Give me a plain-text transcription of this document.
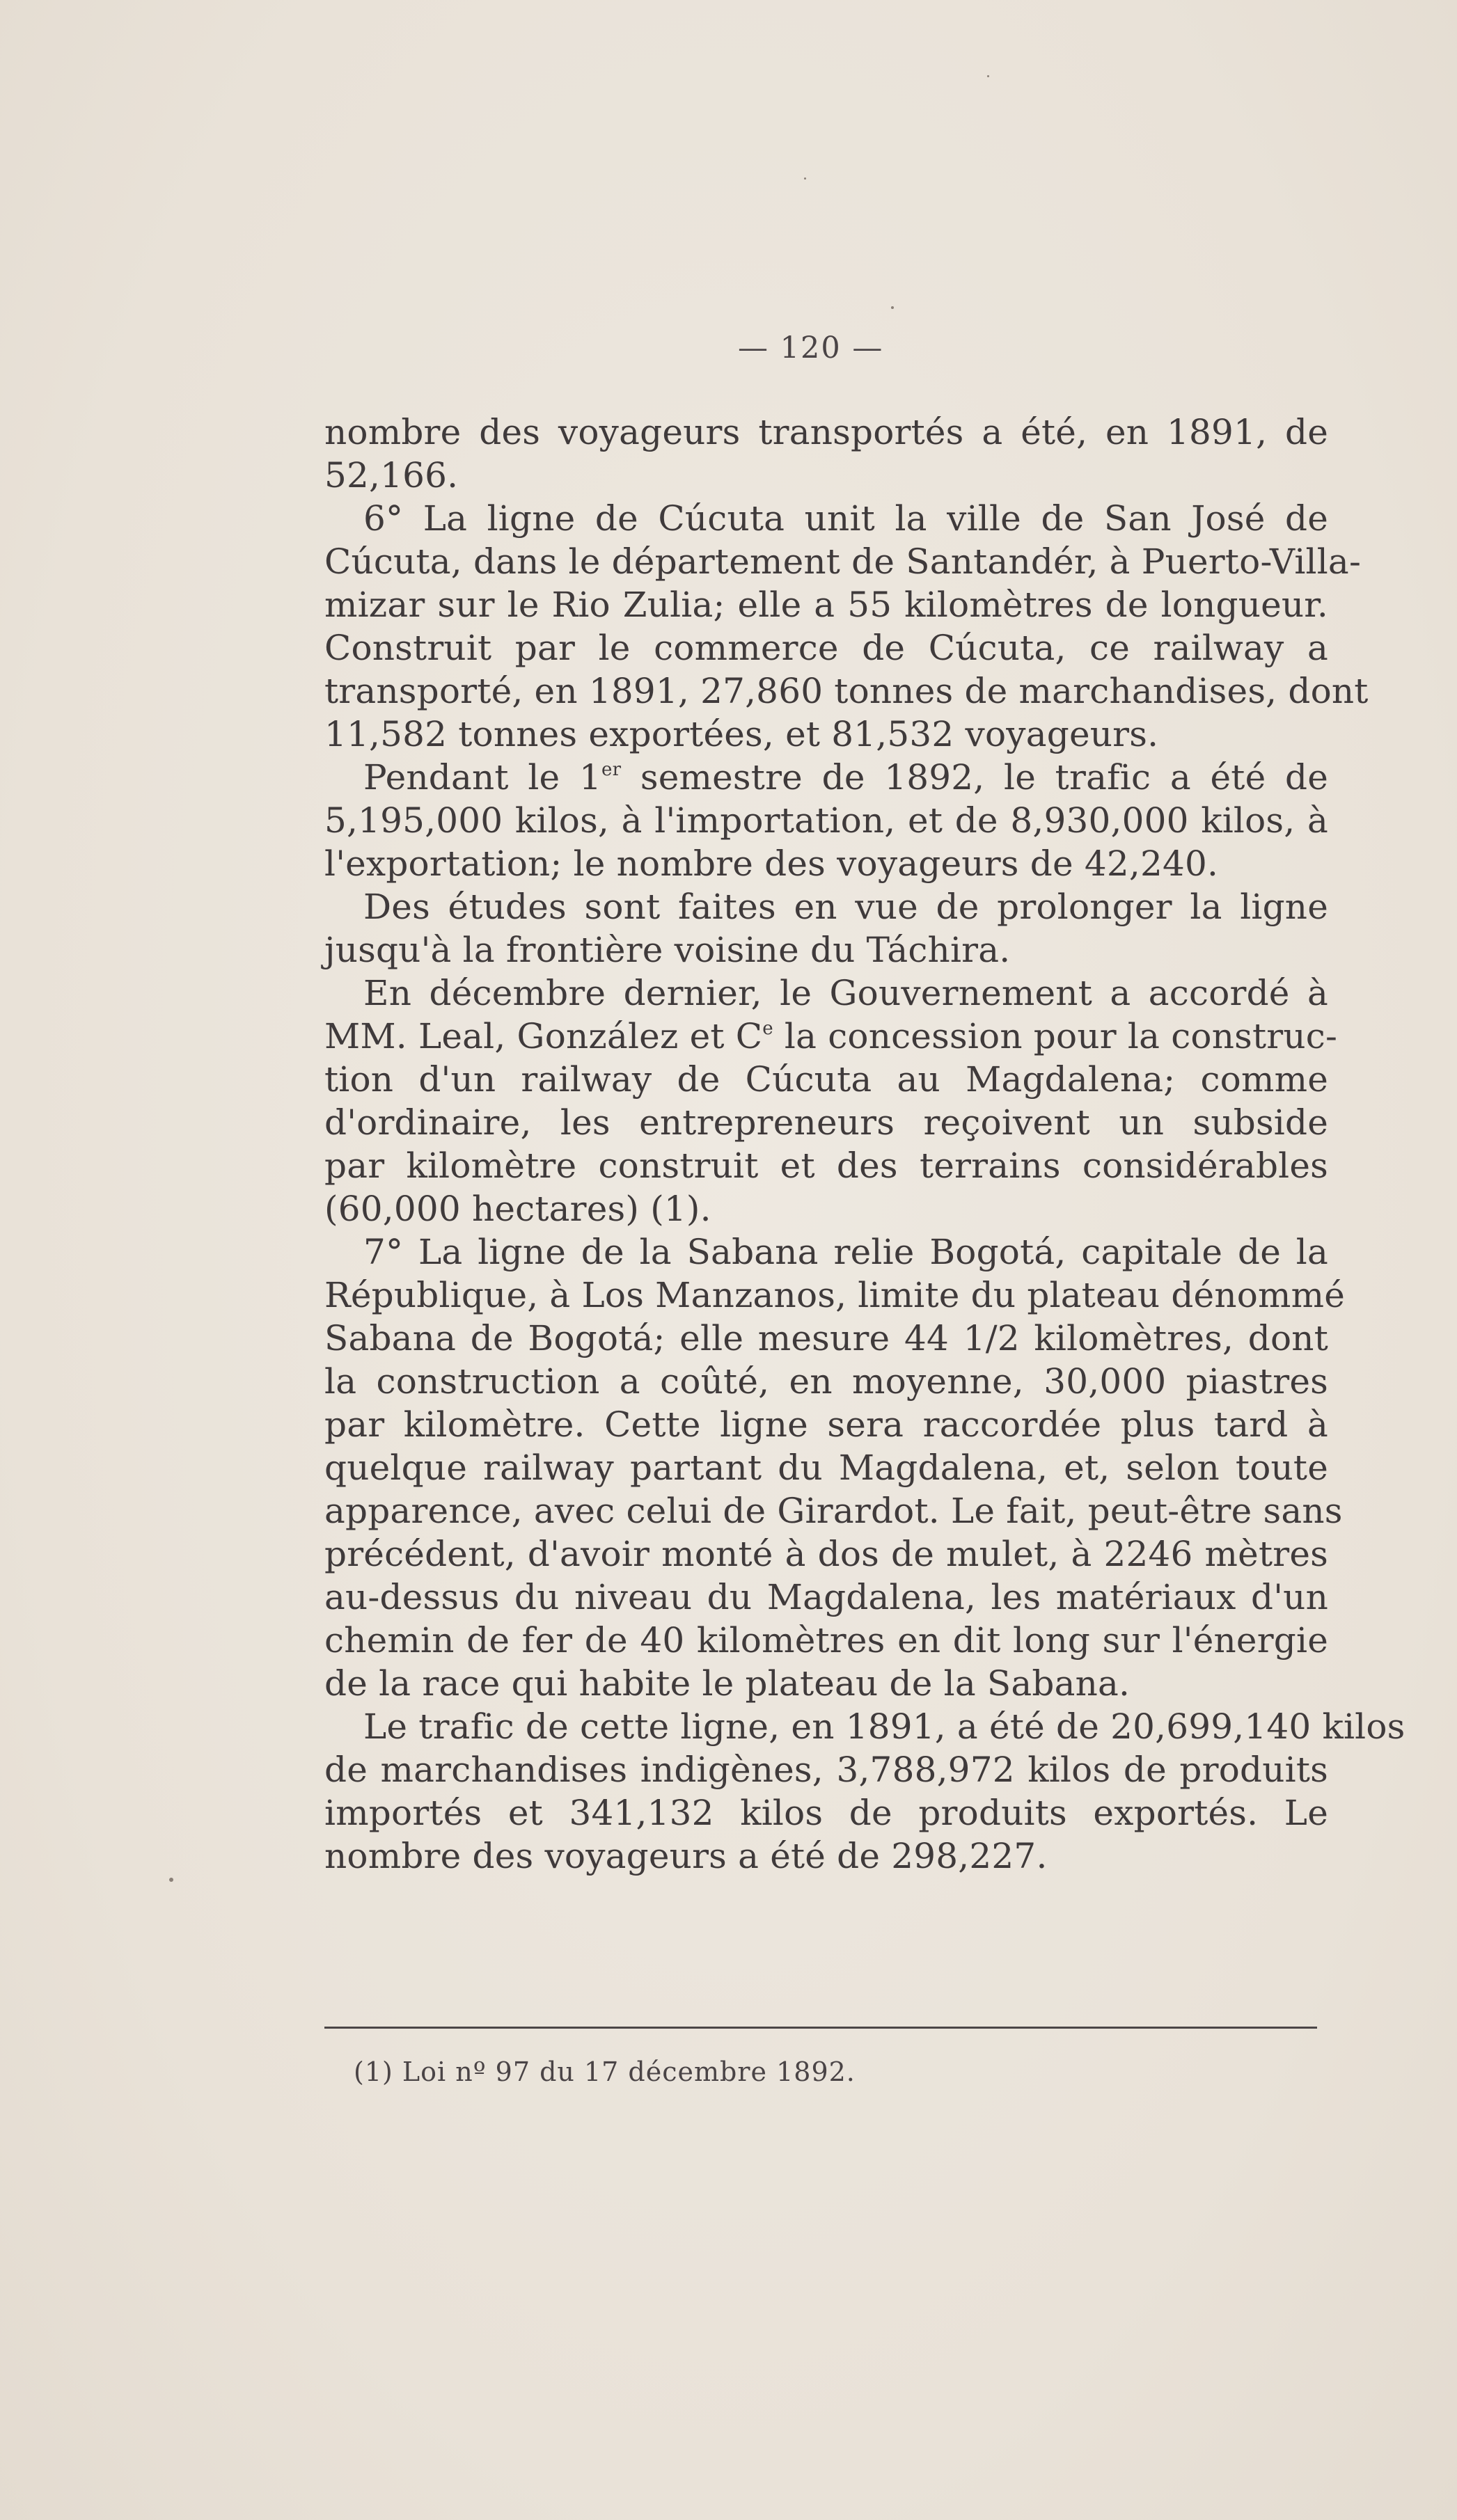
— 120 —
nombre des voyageurs transportés a été, en 1891, de
52,166.
6° La ligne de Cúcuta unit la ville de San José de
Cúcuta, dans le département de Santandér, à Puerto-Villa-
mizar sur le Rio Zulia; elle a 55 kilomètres de longueur.
Construit par le commerce de Cúcuta, ce railway a
transporté, en 1891, 27,860 tonnes de marchandises, dont
11,582 tonnes exportées, et 81,532 voyageurs.
Pendant le 1er semestre de 1892, le trafic a été de
5,195,000 kilos, à l'importation, et de 8,930,000 kilos, à
l'exportation; le nombre des voyageurs de 42,240.
Des études sont faites en vue de prolonger la ligne
jusqu'à la frontière voisine du Táchira.
En décembre dernier, le Gouvernement a accordé à
MM. Leal, González et Ce la concession pour la construc-
tion d'un railway de Cúcuta au Magdalena; comme
d'ordinaire, les entrepreneurs reçoivent un subside
par kilomètre construit et des terrains considérables
(60,000 hectares) (1).
7° La ligne de la Sabana relie Bogotá, capitale de la
République, à Los Manzanos, limite du plateau dénommé
Sabana de Bogotá; elle mesure 44 1/2 kilomètres, dont
la construction a coûté, en moyenne, 30,000 piastres
par kilomètre. Cette ligne sera raccordée plus tard à
quelque railway partant du Magdalena, et, selon toute
apparence, avec celui de Girardot. Le fait, peut-être sans
précédent, d'avoir monté à dos de mulet, à 2246 mètres
au-dessus du niveau du Magdalena, les matériaux d'un
chemin de fer de 40 kilomètres en dit long sur l'énergie
de la race qui habite le plateau de la Sabana.
Le trafic de cette ligne, en 1891, a été de 20,699,140 kilos
de marchandises indigènes, 3,788,972 kilos de produits
importés et 341,132 kilos de produits exportés. Le
nombre des voyageurs a été de 298,227.
(1) Loi nº 97 du 17 décembre 1892.
